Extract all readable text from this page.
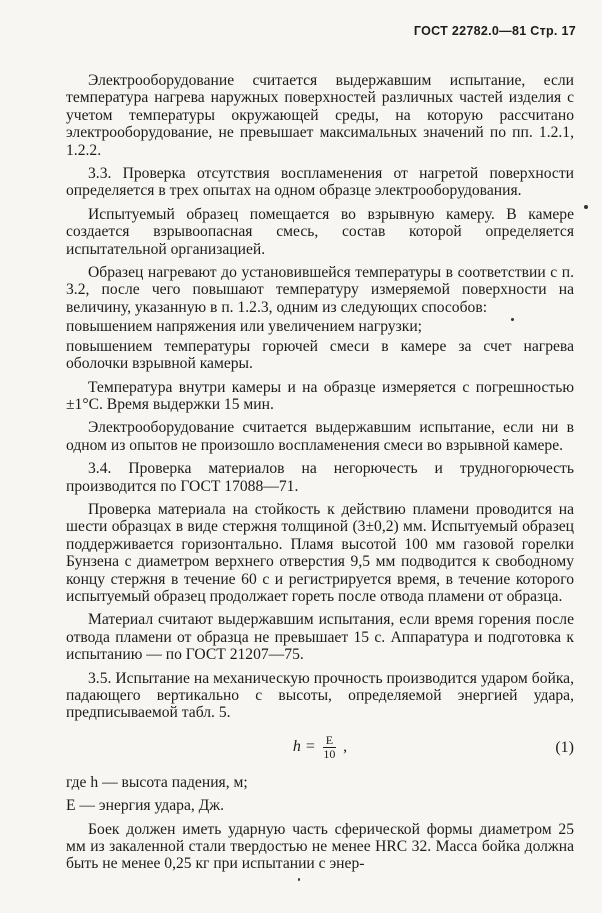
ГОСТ 22782.0—81 Стр. 17

Электрооборудование считается выдержавшим испытание, если температура нагрева наружных поверхностей различных частей изделия с учетом температуры окружающей среды, на которую рассчитано электрооборудование, не превышает максимальных значений по пп. 1.2.1, 1.2.2.

3.3. Проверка отсутствия воспламенения от нагретой поверхности определяется в трех опытах на одном образце электрооборудования.

Испытуемый образец помещается во взрывную камеру. В камере создается взрывоопасная смесь, состав которой определяется испытательной организацией.

Образец нагревают до установившейся температуры в соответствии с п. 3.2, после чего повышают температуру измеряемой поверхности на величину, указанную в п. 1.2.3, одним из следующих способов:

повышением напряжения или увеличением нагрузки;

повышением температуры горючей смеси в камере за счет нагрева оболочки взрывной камеры.

Температура внутри камеры и на образце измеряется с погрешностью ±1°С. Время выдержки 15 мин.

Электрооборудование считается выдержавшим испытание, если ни в одном из опытов не произошло воспламенения смеси во взрывной камере.

3.4. Проверка материалов на негорючесть и трудногорючесть производится по ГОСТ 17088—71.

Проверка материала на стойкость к действию пламени проводится на шести образцах в виде стержня толщиной (3±0,2) мм. Испытуемый образец поддерживается горизонтально. Пламя высотой 100 мм газовой горелки Бунзена с диаметром верхнего отверстия 9,5 мм подводится к свободному концу стержня в течение 60 с и регистрируется время, в течение которого испытуемый образец продолжает гореть после отвода пламени от образца.

Материал считают выдержавшим испытания, если время горения после отвода пламени от образца не превышает 15 с. Аппаратура и подготовка к испытанию — по ГОСТ 21207—75.

3.5. Испытание на механическую прочность производится ударом бойка, падающего вертикально с высоты, определяемой энергией удара, предписываемой табл. 5.

$h = \frac{E}{10}$ ,	(1)

где h — высота падения, м;

E — энергия удара, Дж.

Боек должен иметь ударную часть сферической формы диаметром 25 мм из закаленной стали твердостью не менее HRC 32. Масса бойка должна быть не менее 0,25 кг при испытании с энер-
